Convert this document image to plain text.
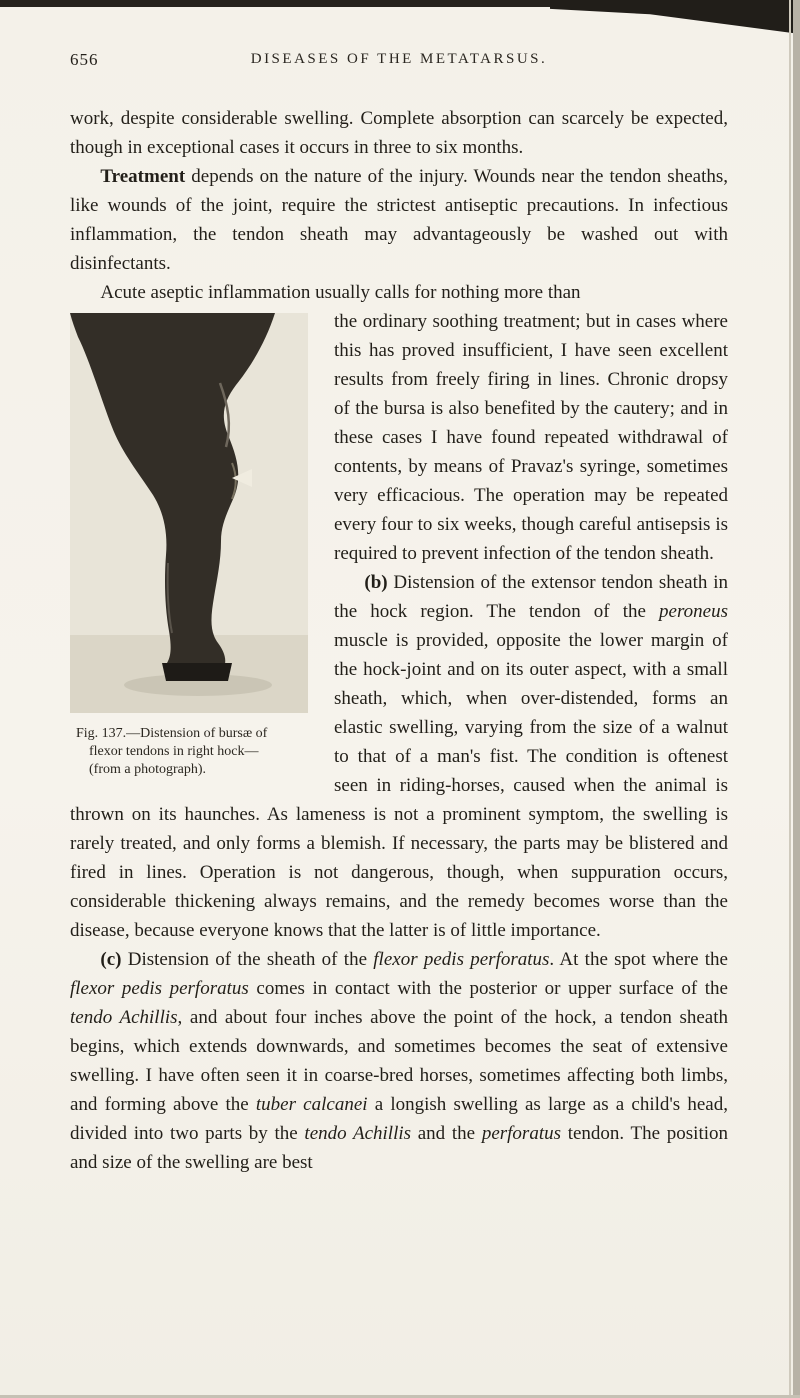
656	DISEASES OF THE METATARSUS.

work, despite considerable swelling. Complete absorption can scarcely be expected, though in exceptional cases it occurs in three to six months.

Treatment depends on the nature of the injury. Wounds near the tendon sheaths, like wounds of the joint, require the strictest antiseptic precautions. In infectious inflammation, the tendon sheath may advantageously be washed out with disinfectants.

Acute aseptic inflammation usually calls for nothing more than
Fig. 137.—Distension of bursæ of flexor tendons in right hock—(from a photograph).
the ordinary soothing treatment; but in cases where this has proved insufficient, I have seen excellent results from freely firing in lines. Chronic dropsy of the bursa is also benefited by the cautery; and in these cases I have found repeated withdrawal of contents, by means of Pravaz's syringe, sometimes very efficacious. The operation may be repeated every four to six weeks, though careful antisepsis is required to prevent infection of the tendon sheath.

(b) Distension of the extensor tendon sheath in the hock region. The tendon of the peroneus muscle is provided, opposite the lower margin of the hock-joint and on its outer aspect, with a small sheath, which, when over-distended, forms an elastic swelling, varying from the size of a walnut to that of a man's fist. The condition is oftenest seen in riding-horses, caused when the animal is thrown on its haunches. As lameness is not a prominent symptom, the swelling is rarely treated, and only forms a blemish. If necessary, the parts may be blistered and fired in lines. Operation is not dangerous, though, when suppuration occurs, considerable thickening always remains, and the remedy becomes worse than the disease, because everyone knows that the latter is of little importance.

(c) Distension of the sheath of the flexor pedis perforatus. At the spot where the flexor pedis perforatus comes in contact with the posterior or upper surface of the tendo Achillis, and about four inches above the point of the hock, a tendon sheath begins, which extends downwards, and sometimes becomes the seat of extensive swelling. I have often seen it in coarse-bred horses, sometimes affecting both limbs, and forming above the tuber calcanei a longish swelling as large as a child's head, divided into two parts by the tendo Achillis and the perforatus tendon. The position and size of the swelling are best
